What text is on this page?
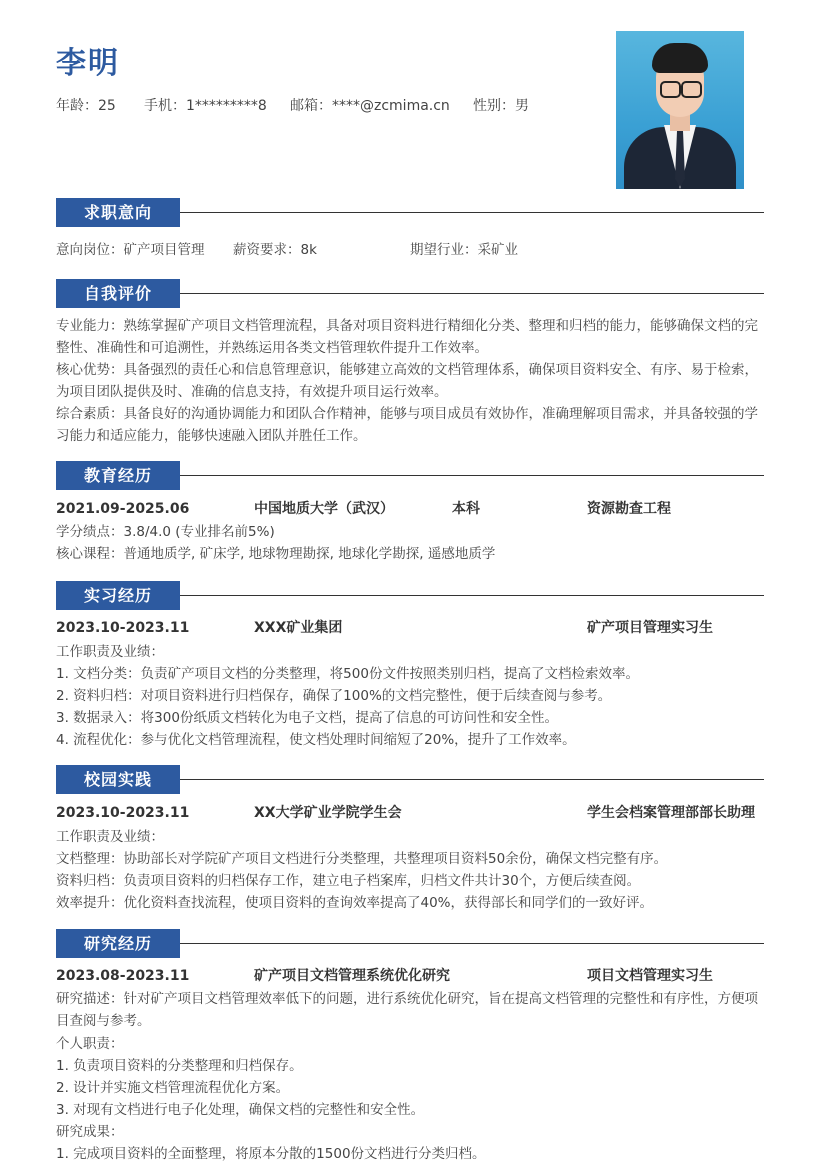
李明
年龄：25 手机：1*********8 邮箱：****@zcmima.cn 性别：男
求职意向
意向岗位：矿产项目管理 薪资要求：8k	期望行业：采矿业
自我评价

专业能力：熟练掌握矿产项目文档管理流程，具备对项目资料进行精细化分类、整理和归档的能力，能够确保文档的完整性、准确性和可追溯性，并熟练运用各类文档管理软件提升工作效率。

核心优势：具备强烈的责任心和信息管理意识，能够建立高效的文档管理体系，确保项目资料安全、有序、易于检索，为项目团队提供及时、准确的信息支持，有效提升项目运行效率。

综合素质：具备良好的沟通协调能力和团队合作精神，能够与项目成员有效协作，准确理解项目需求，并具备较强的学习能力和适应能力，能够快速融入团队并胜任工作。

教育经历
2021.09-2025.06	中国地质大学（武汉）	本科	资源勘查工程
学分绩点：3.8/4.0 (专业排名前5%)
核心课程：普通地质学, 矿床学, 地球物理勘探, 地球化学勘探, 遥感地质学
实习经历
2023.10-2023.11	XXX矿业集团	矿产项目管理实习生
工作职责及业绩：
1. 文档分类：负责矿产项目文档的分类整理，将500份文件按照类别归档，提高了文档检索效率。
2. 资料归档：对项目资料进行归档保存，确保了100%的文档完整性，便于后续查阅与参考。
3. 数据录入：将300份纸质文档转化为电子文档，提高了信息的可访问性和安全性。
4. 流程优化：参与优化文档管理流程，使文档处理时间缩短了20%，提升了工作效率。
校园实践
2023.10-2023.11	XX大学矿业学院学生会	学生会档案管理部部长助理
工作职责及业绩：
文档整理：协助部长对学院矿产项目文档进行分类整理，共整理项目资料50余份，确保文档完整有序。
资料归档：负责项目资料的归档保存工作，建立电子档案库，归档文件共计30个，方便后续查阅。
效率提升：优化资料查找流程，使项目资料的查询效率提高了40%，获得部长和同学们的一致好评。
研究经历
2023.08-2023.11	矿产项目文档管理系统优化研究	项目文档管理实习生

研究描述：针对矿产项目文档管理效率低下的问题，进行系统优化研究，旨在提高文档管理的完整性和有序性，方便项目查阅与参考。

个人职责：
1. 负责项目资料的分类整理和归档保存。
2. 设计并实施文档管理流程优化方案。
3. 对现有文档进行电子化处理，确保文档的完整性和安全性。
研究成果：
1. 完成项目资料的全面整理，将原本分散的1500份文档进行分类归档。
